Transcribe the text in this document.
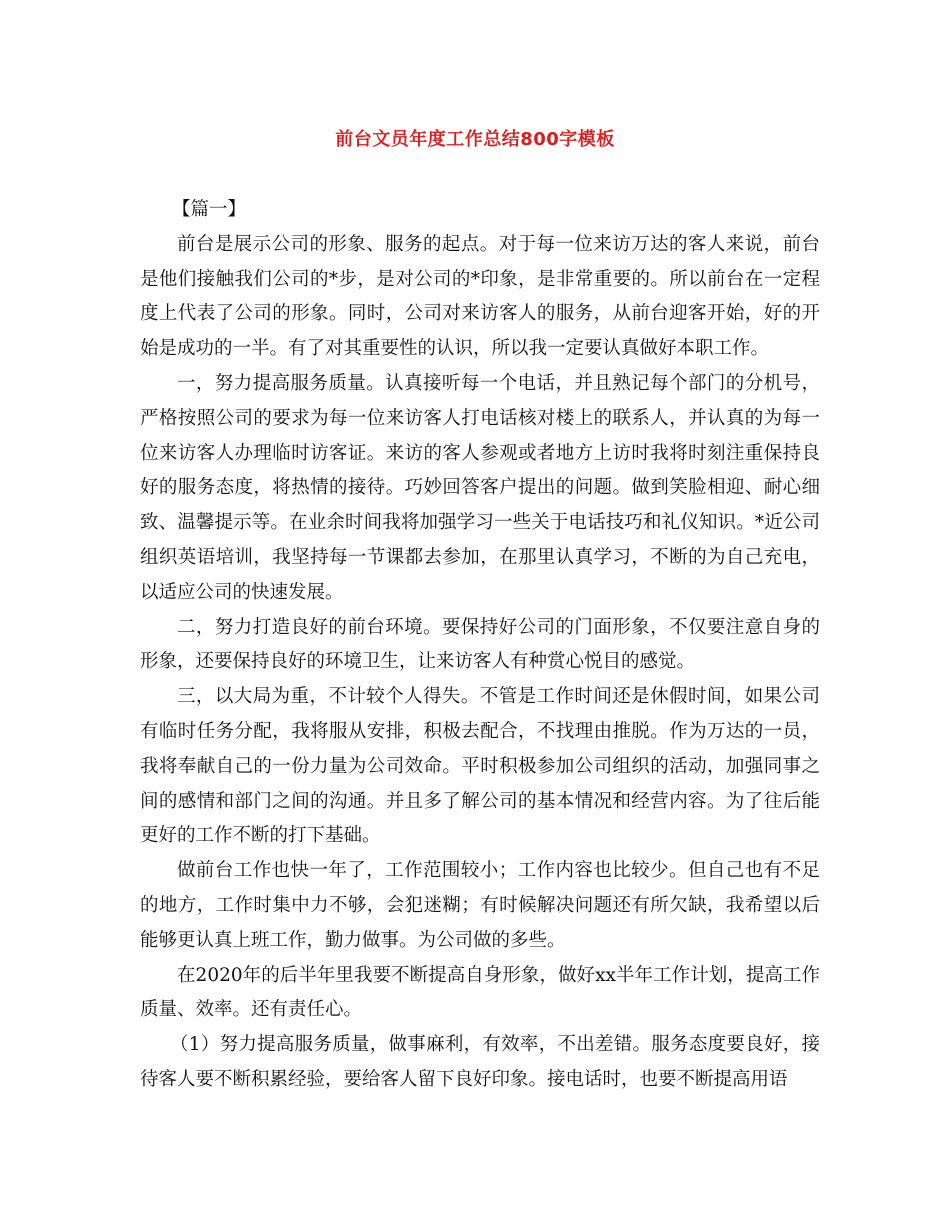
前台文员年度工作总结800字模板

【篇一】

前台是展示公司的形象、服务的起点。对于每一位来访万达的客人来说，前台是他们接触我们公司的*步，是对公司的*印象，是非常重要的。所以前台在一定程度上代表了公司的形象。同时，公司对来访客人的服务，从前台迎客开始，好的开始是成功的一半。有了对其重要性的认识，所以我一定要认真做好本职工作。

一，努力提高服务质量。认真接听每一个电话，并且熟记每个部门的分机号，严格按照公司的要求为每一位来访客人打电话核对楼上的联系人，并认真的为每一位来访客人办理临时访客证。来访的客人参观或者地方上访时我将时刻注重保持良好的服务态度，将热情的接待。巧妙回答客户提出的问题。做到笑脸相迎、耐心细致、温馨提示等。在业余时间我将加强学习一些关于电话技巧和礼仪知识。*近公司组织英语培训，我坚持每一节课都去参加，在那里认真学习，不断的为自己充电，以适应公司的快速发展。

二，努力打造良好的前台环境。要保持好公司的门面形象，不仅要注意自身的形象，还要保持良好的环境卫生，让来访客人有种赏心悦目的感觉。

三，以大局为重，不计较个人得失。不管是工作时间还是休假时间，如果公司有临时任务分配，我将服从安排，积极去配合，不找理由推脱。作为万达的一员，我将奉献自己的一份力量为公司效命。平时积极参加公司组织的活动，加强同事之间的感情和部门之间的沟通。并且多了解公司的基本情况和经营内容。为了往后能更好的工作不断的打下基础。

做前台工作也快一年了，工作范围较小；工作内容也比较少。但自己也有不足的地方，工作时集中力不够，会犯迷糊；有时候解决问题还有所欠缺，我希望以后能够更认真上班工作，勤力做事。为公司做的多些。

在2020年的后半年里我要不断提高自身形象，做好xx半年工作计划，提高工作质量、效率。还有责任心。

（1）努力提高服务质量，做事麻利，有效率，不出差错。服务态度要良好，接待客人要不断积累经验，要给客人留下良好印象。接电话时，也要不断提高用语
